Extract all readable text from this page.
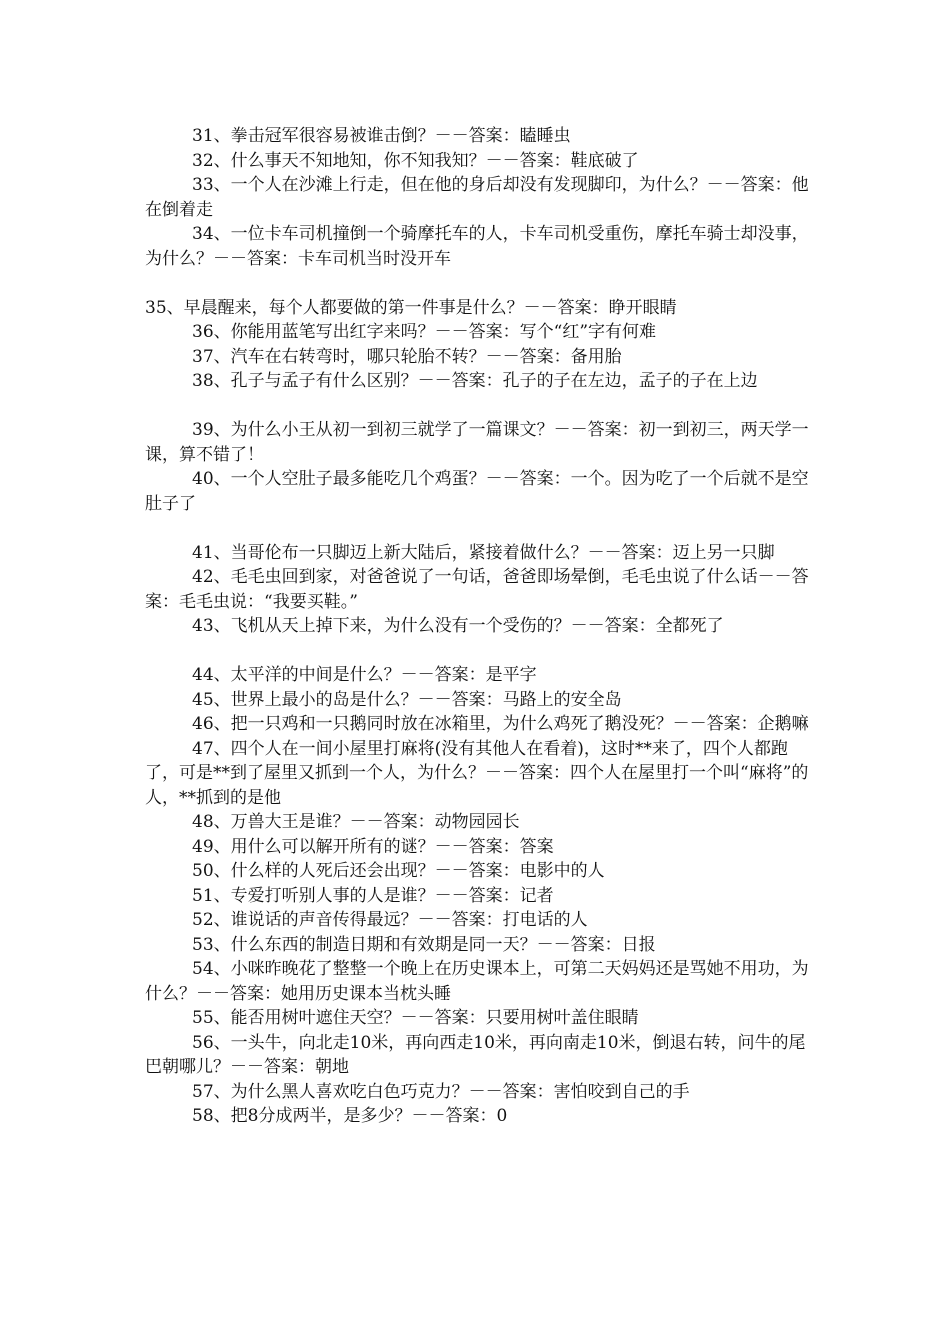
31、拳击冠军很容易被谁击倒？－－答案：瞌睡虫

32、什么事天不知地知，你不知我知？－－答案：鞋底破了

33、一个人在沙滩上行走，但在他的身后却没有发现脚印，为什么？－－答案：他在倒着走

34、一位卡车司机撞倒一个骑摩托车的人，卡车司机受重伤，摩托车骑士却没事，为什么？－－答案：卡车司机当时没开车

35、早晨醒来，每个人都要做的第一件事是什么？－－答案：睁开眼睛

36、你能用蓝笔写出红字来吗？－－答案：写个“红”字有何难

37、汽车在右转弯时，哪只轮胎不转？－－答案：备用胎

38、孔子与孟子有什么区别？－－答案：孔子的子在左边，孟子的子在上边

39、为什么小王从初一到初三就学了一篇课文？－－答案：初一到初三，两天学一课，算不错了！

40、一个人空肚子最多能吃几个鸡蛋？－－答案：一个。因为吃了一个后就不是空肚子了

41、当哥伦布一只脚迈上新大陆后，紧接着做什么？－－答案：迈上另一只脚

42、毛毛虫回到家，对爸爸说了一句话，爸爸即场晕倒，毛毛虫说了什么话－－答案：毛毛虫说：“我要买鞋。”

43、飞机从天上掉下来，为什么没有一个受伤的？－－答案：全都死了

44、太平洋的中间是什么？－－答案：是平字

45、世界上最小的岛是什么？－－答案：马路上的安全岛

46、把一只鸡和一只鹅同时放在冰箱里，为什么鸡死了鹅没死？－－答案：企鹅嘛

47、四个人在一间小屋里打麻将(没有其他人在看着)，这时**来了，四个人都跑了，可是**到了屋里又抓到一个人，为什么？－－答案：四个人在屋里打一个叫“麻将”的人，**抓到的是他

48、万兽大王是谁？－－答案：动物园园长

49、用什么可以解开所有的谜？－－答案：答案

50、什么样的人死后还会出现？－－答案：电影中的人

51、专爱打听别人事的人是谁？－－答案：记者

52、谁说话的声音传得最远？－－答案：打电话的人

53、什么东西的制造日期和有效期是同一天？－－答案：日报

54、小咪昨晚花了整整一个晚上在历史课本上，可第二天妈妈还是骂她不用功，为什么？－－答案：她用历史课本当枕头睡

55、能否用树叶遮住天空？－－答案：只要用树叶盖住眼睛

56、一头牛，向北走10米，再向西走10米，再向南走10米，倒退右转，问牛的尾巴朝哪儿？－－答案：朝地

57、为什么黑人喜欢吃白色巧克力？－－答案：害怕咬到自己的手

58、把8分成两半，是多少？－－答案：0
